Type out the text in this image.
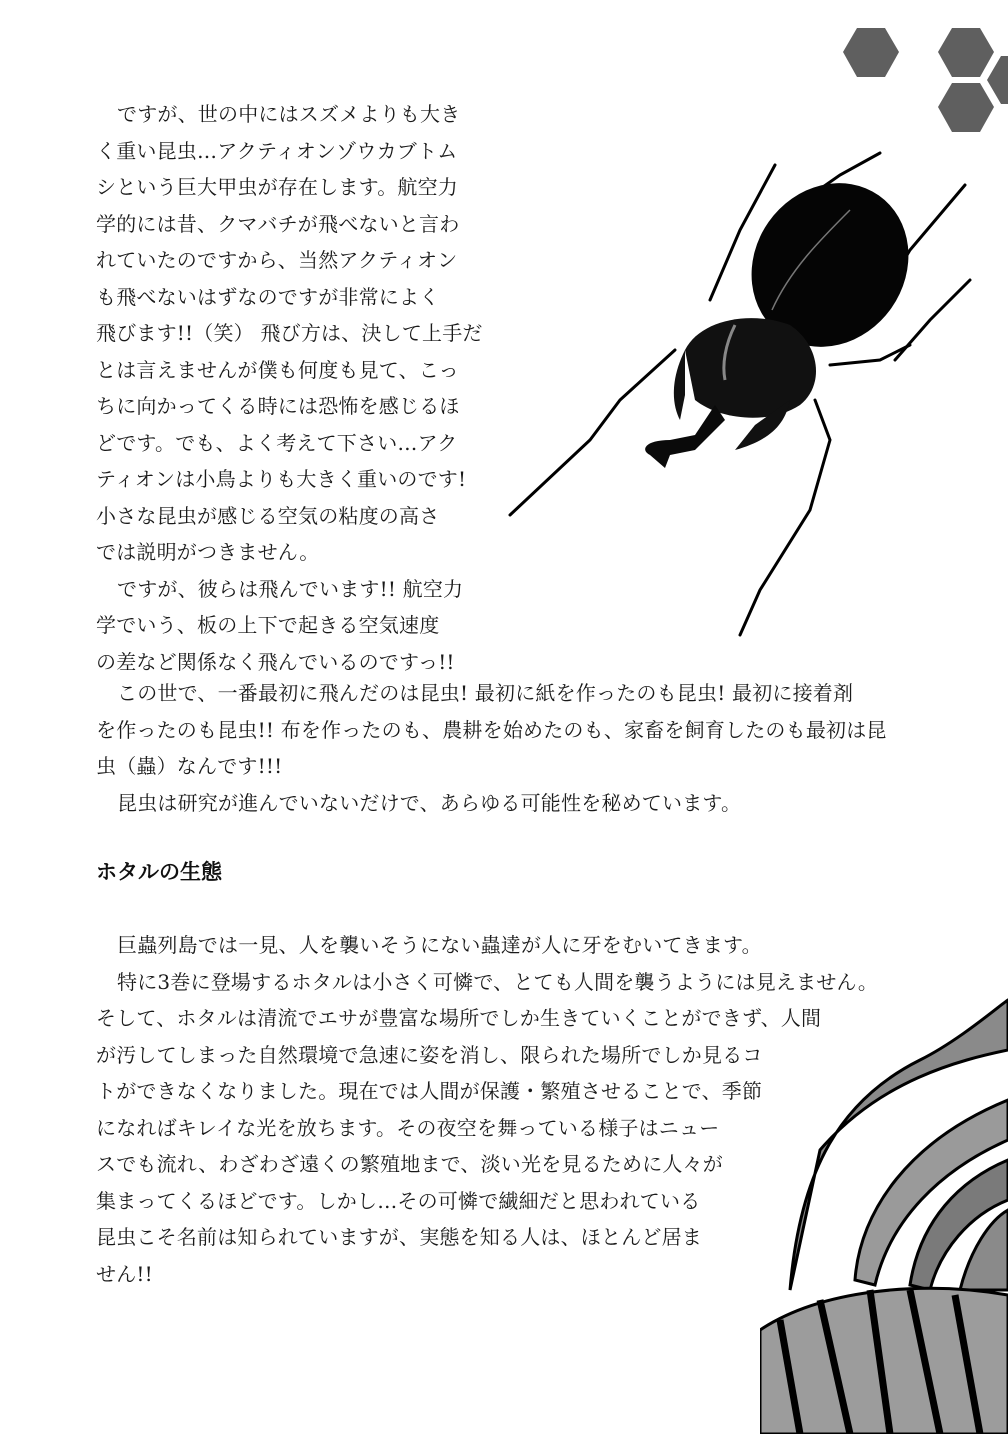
ですが、世の中にはスズメよりも大き
く重い昆虫…アクティオンゾウカブトム
シという巨大甲虫が存在します。航空力
学的には昔、クマバチが飛べないと言わ
れていたのですから、当然アクティオン
も飛べないはずなのですが非常によく
飛びます!!（笑） 飛び方は、決して上手だ
とは言えませんが僕も何度も見て、こっ
ちに向かってくる時には恐怖を感じるほ
どです。でも、よく考えて下さい…アク
ティオンは小鳥よりも大きく重いのです!
小さな昆虫が感じる空気の粘度の高さ
では説明がつきません。
ですが、彼らは飛んでいます!! 航空力
学でいう、板の上下で起きる空気速度
の差など関係なく飛んでいるのですっ!!
この世で、一番最初に飛んだのは昆虫! 最初に紙を作ったのも昆虫! 最初に接着剤
を作ったのも昆虫!! 布を作ったのも、農耕を始めたのも、家畜を飼育したのも最初は昆
虫（蟲）なんです!!!
昆虫は研究が進んでいないだけで、あらゆる可能性を秘めています。
ホタルの生態
巨蟲列島では一見、人を襲いそうにない蟲達が人に牙をむいてきます。
特に3巻に登場するホタルは小さく可憐で、とても人間を襲うようには見えません。
そして、ホタルは清流でエサが豊富な場所でしか生きていくことができず、人間
が汚してしまった自然環境で急速に姿を消し、限られた場所でしか見るコ
トができなくなりました。現在では人間が保護・繁殖させることで、季節
になればキレイな光を放ちます。その夜空を舞っている様子はニュー
スでも流れ、わざわざ遠くの繁殖地まで、淡い光を見るために人々が
集まってくるほどです。しかし…その可憐で繊細だと思われている
昆虫こそ名前は知られていますが、実態を知る人は、ほとんど居ま
せん!!
